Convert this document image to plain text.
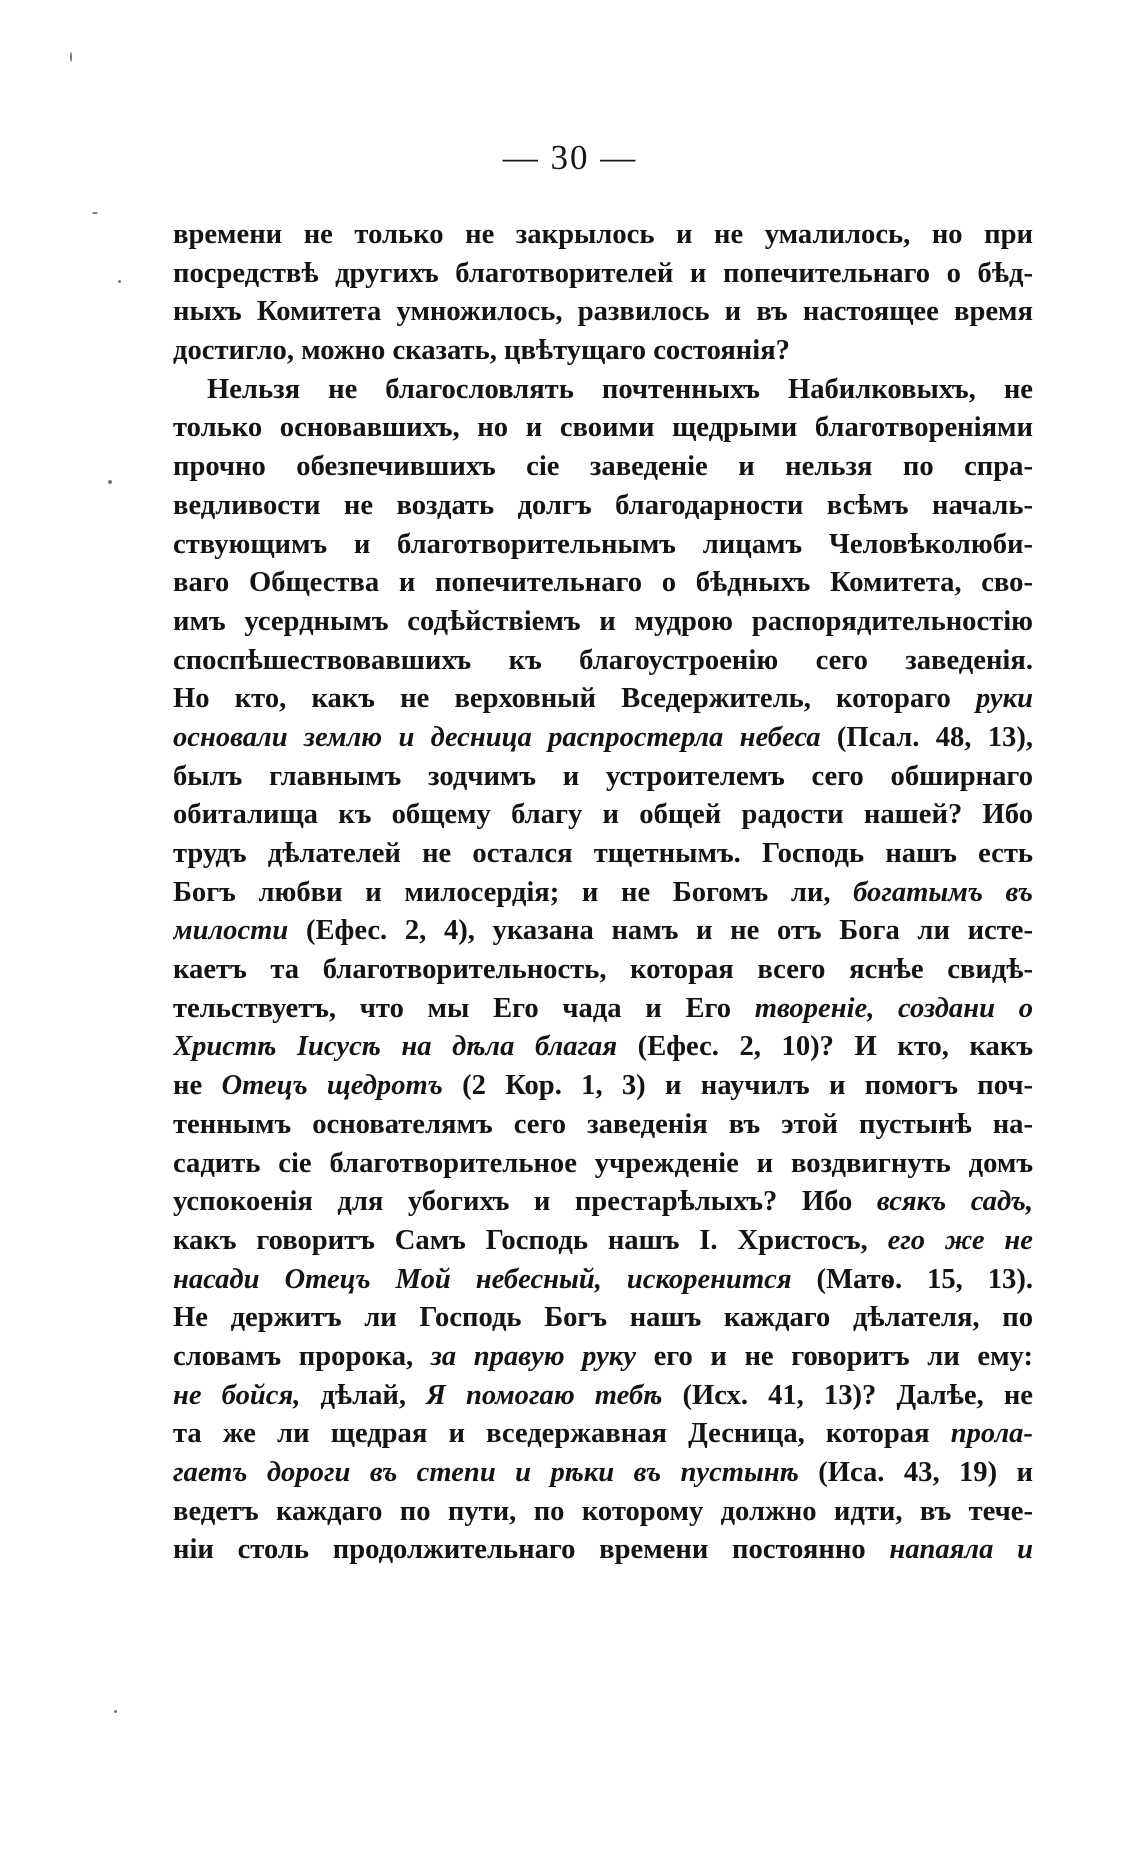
— 30 —
времени не только не закрылось и не умалилось, но при
посредствѣ другихъ благотворителей и попечительнаго о бѣд-
ныхъ Комитета умножилось, развилось и въ настоящее время
достигло, можно сказать, цвѣтущаго состоянія?
Нельзя не благословлять почтенныхъ Набилковыхъ, не
только основавшихъ, но и своими щедрыми благотвореніями
прочно обезпечившихъ сіе заведеніе и нельзя по спра-
ведливости не воздать долгъ благодарности всѣмъ началь-
ствующимъ и благотворительнымъ лицамъ Человѣколюби-
ваго Общества и попечительнаго о бѣдныхъ Комитета, сво-
имъ усерднымъ содѣйствіемъ и мудрою распорядительностію
споспѣшествовавшихъ къ благоустроенію сего заведенія.
Но кто, какъ не верховный Вседержитель, котораго руки
основали землю и десница распростерла небеса (Псал. 48, 13),
былъ главнымъ зодчимъ и устроителемъ сего обширнаго
обиталища къ общему благу и общей радости нашей? Ибо
трудъ дѣлателей не остался тщетнымъ. Господь нашъ есть
Богъ любви и милосердія; и не Богомъ ли, богатымъ въ
милости (Ефес. 2, 4), указана намъ и не отъ Бога ли исте-
каетъ та благотворительность, которая всего яснѣе свидѣ-
тельствуетъ, что мы Его чада и Его твореніе, создани о
Христѣ Іисусѣ на дѣла благая (Ефес. 2, 10)? И кто, какъ
не Отецъ щедротъ (2 Кор. 1, 3) и научилъ и помогъ поч-
теннымъ основателямъ сего заведенія въ этой пустынѣ на-
садить сіе благотворительное учрежденіе и воздвигнуть домъ
успокоенія для убогихъ и престарѣлыхъ? Ибо всякъ садъ,
какъ говоритъ Самъ Господь нашъ І. Христосъ, его же не
насади Отецъ Мой небесный, искоренится (Матѳ. 15, 13).
Не держитъ ли Господь Богъ нашъ каждаго дѣлателя, по
словамъ пророка, за правую руку его и не говоритъ ли ему:
не бойся, дѣлай, Я помогаю тебѣ (Исх. 41, 13)? Далѣе, не
та же ли щедрая и вседержавная Десница, которая прола-
гаетъ дороги въ степи и рѣки въ пустынѣ (Иса. 43, 19) и
ведетъ каждаго по пути, по которому должно идти, въ тече-
ніи столь продолжительнаго времени постоянно напаяла и
